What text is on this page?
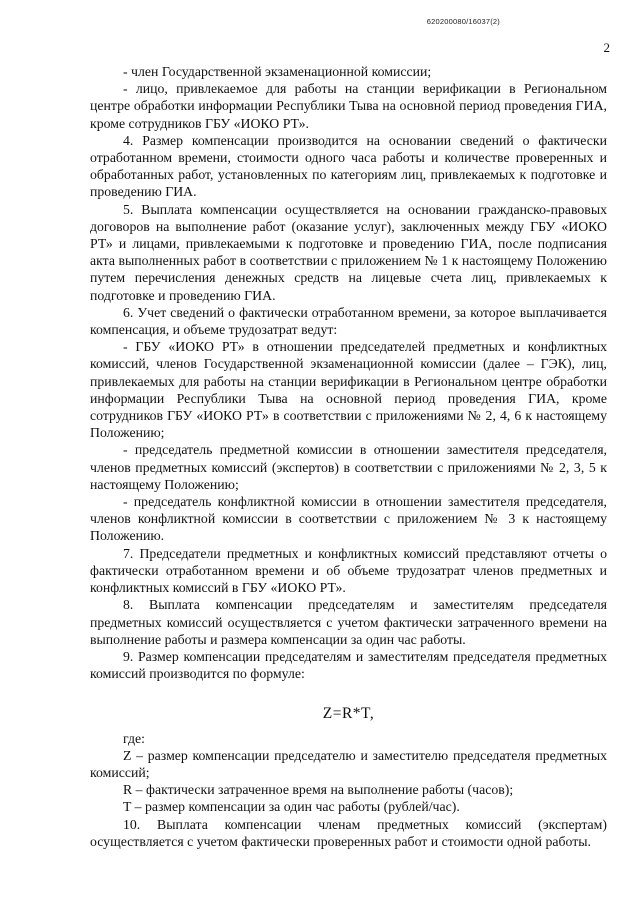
620200080/16037(2)
2

- член Государственной экзаменационной комиссии;

- лицо, привлекаемое для работы на станции верификации в Региональном центре обработки информации Республики Тыва на основной период проведения ГИА, кроме сотрудников ГБУ «ИОКО РТ».

4. Размер компенсации производится на основании сведений о фактически отработанном времени, стоимости одного часа работы и количестве проверенных и обработанных работ, установленных по категориям лиц, привлекаемых к подготовке и проведению ГИА.

5. Выплата компенсации осуществляется на основании гражданско-правовых договоров на выполнение работ (оказание услуг), заключенных между ГБУ «ИОКО РТ» и лицами, привлекаемыми к подготовке и проведению ГИА, после подписания акта выполненных работ в соответствии с приложением № 1 к настоящему Положению путем перечисления денежных средств на лицевые счета лиц, привлекаемых к подготовке и проведению ГИА.

6. Учет сведений о фактически отработанном времени, за которое выплачивается компенсация, и объеме трудозатрат ведут:

- ГБУ «ИОКО РТ» в отношении председателей предметных и конфликтных комиссий, членов Государственной экзаменационной комиссии (далее – ГЭК), лиц, привлекаемых для работы на станции верификации в Региональном центре обработки информации Республики Тыва на основной период проведения ГИА, кроме сотрудников ГБУ «ИОКО РТ» в соответствии с приложениями № 2, 4, 6 к настоящему Положению;

- председатель предметной комиссии в отношении заместителя председателя, членов предметных комиссий (экспертов) в соответствии с приложениями № 2, 3, 5 к настоящему Положению;

- председатель конфликтной комиссии в отношении заместителя председателя, членов конфликтной комиссии в соответствии с приложением № 3 к настоящему Положению.

7. Председатели предметных и конфликтных комиссий представляют отчеты о фактически отработанном времени и об объеме трудозатрат членов предметных и конфликтных комиссий в ГБУ «ИОКО РТ».

8. Выплата компенсации председателям и заместителям председателя предметных комиссий осуществляется с учетом фактически затраченного времени на выполнение работы и размера компенсации за один час работы.

9. Размер компенсации председателям и заместителям председателя предметных комиссий производится по формуле:

Z=R*T,

где:

Z – размер компенсации председателю и заместителю председателя предметных комиссий;

R – фактически затраченное время на выполнение работы (часов);

T – размер компенсации за один час работы (рублей/час).

10. Выплата компенсации членам предметных комиссий (экспертам) осуществляется с учетом фактически проверенных работ и стоимости одной работы.
